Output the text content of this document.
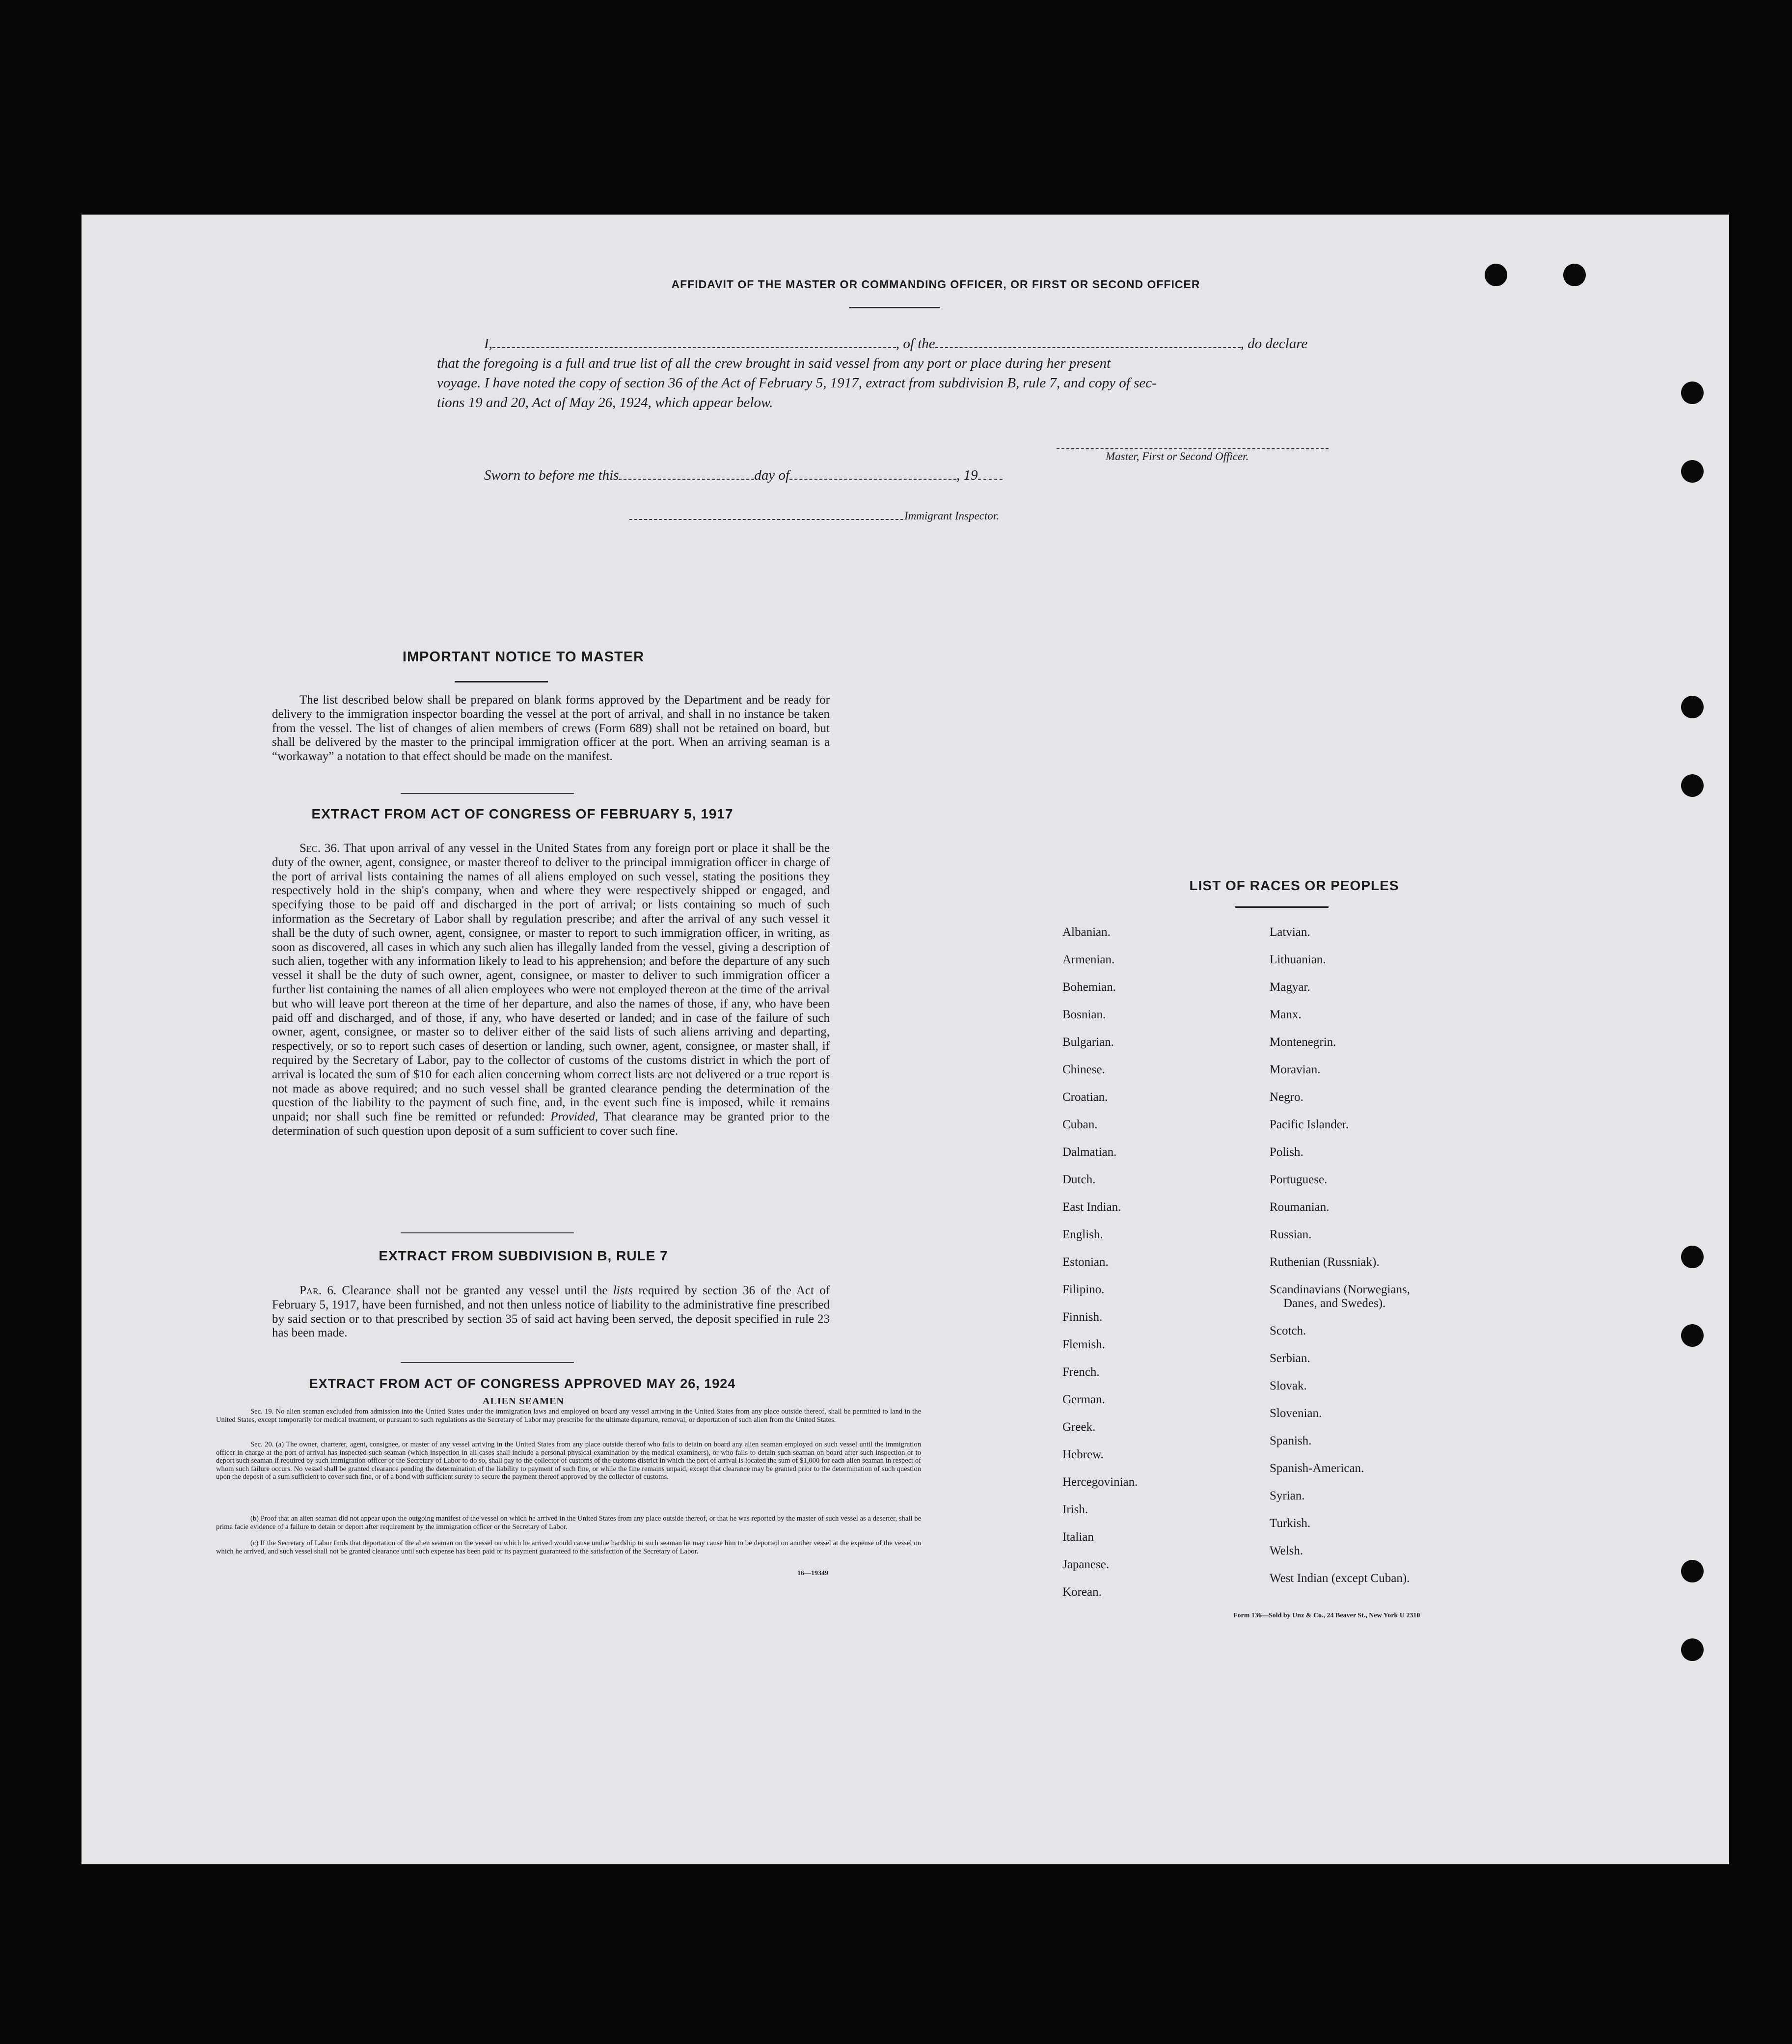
AFFIDAVIT OF THE MASTER OR COMMANDING OFFICER, OR FIRST OR SECOND OFFICER
I,	, of the	, do declare
that the foregoing is a full and true list of all the crew brought in said vessel from any port or place during her present
voyage. I have noted the copy of section 36 of the Act of February 5, 1917, extract from subdivision B, rule 7, and copy of sec-
tions 19 and 20, Act of May 26, 1924, which appear below.
Master, First or Second Officer.
Sworn to before me this	day of	, 19
Immigrant Inspector.
IMPORTANT NOTICE TO MASTER
The list described below shall be prepared on blank forms approved by the Department and be ready for delivery to the immigration inspector boarding the vessel at the port of arrival, and shall in no instance be taken from the vessel. The list of changes of alien members of crews (Form 689) shall not be retained on board, but shall be delivered by the master to the principal immigration officer at the port. When an arriving seaman is a “workaway” a notation to that effect should be made on the manifest.
EXTRACT FROM ACT OF CONGRESS OF FEBRUARY 5, 1917
Sec. 36. That upon arrival of any vessel in the United States from any foreign port or place it shall be the duty of the owner, agent, consignee, or master thereof to deliver to the principal immigration officer in charge of the port of arrival lists containing the names of all aliens employed on such vessel, stating the positions they respectively hold in the ship's company, when and where they were respectively shipped or engaged, and specifying those to be paid off and discharged in the port of arrival; or lists containing so much of such information as the Secretary of Labor shall by regulation prescribe; and after the arrival of any such vessel it shall be the duty of such owner, agent, consignee, or master to report to such immigration officer, in writing, as soon as discovered, all cases in which any such alien has illegally landed from the vessel, giving a description of such alien, together with any information likely to lead to his apprehension; and before the departure of any such vessel it shall be the duty of such owner, agent, consignee, or master to deliver to such immigration officer a further list containing the names of all alien employees who were not employed thereon at the time of the arrival but who will leave port thereon at the time of her departure, and also the names of those, if any, who have been paid off and discharged, and of those, if any, who have deserted or landed; and in case of the failure of such owner, agent, consignee, or master so to deliver either of the said lists of such aliens arriving and departing, respectively, or so to report such cases of desertion or landing, such owner, agent, consignee, or master shall, if required by the Secretary of Labor, pay to the collector of customs of the customs district in which the port of arrival is located the sum of $10 for each alien concerning whom correct lists are not delivered or a true report is not made as above required; and no such vessel shall be granted clearance pending the determination of the question of the liability to the payment of such fine, and, in the event such fine is imposed, while it remains unpaid; nor shall such fine be remitted or refunded: Provided, That clearance may be granted prior to the determination of such question upon deposit of a sum sufficient to cover such fine.
EXTRACT FROM SUBDIVISION B, RULE 7
Par. 6. Clearance shall not be granted any vessel until the lists required by section 36 of the Act of February 5, 1917, have been furnished, and not then unless notice of liability to the administrative fine prescribed by said section or to that prescribed by section 35 of said act having been served, the deposit specified in rule 23 has been made.
EXTRACT FROM ACT OF CONGRESS APPROVED MAY 26, 1924
ALIEN SEAMEN
Sec. 19. No alien seaman excluded from admission into the United States under the immigration laws and employed on board any vessel arriving in the United States from any place outside thereof, shall be permitted to land in the United States, except temporarily for medical treatment, or pursuant to such regulations as the Secretary of Labor may prescribe for the ultimate departure, removal, or deportation of such alien from the United States.
Sec. 20. (a) The owner, charterer, agent, consignee, or master of any vessel arriving in the United States from any place outside thereof who fails to detain on board any alien seaman employed on such vessel until the immigration officer in charge at the port of arrival has inspected such seaman (which inspection in all cases shall include a personal physical examination by the medical examiners), or who fails to detain such seaman on board after such inspection or to deport such seaman if required by such immigration officer or the Secretary of Labor to do so, shall pay to the collector of customs of the customs district in which the port of arrival is located the sum of $1,000 for each alien seaman in respect of whom such failure occurs. No vessel shall be granted clearance pending the determination of the liability to payment of such fine, or while the fine remains unpaid, except that clearance may be granted prior to the determination of such question upon the deposit of a sum sufficient to cover such fine, or of a bond with sufficient surety to secure the payment thereof approved by the collector of customs.
(b) Proof that an alien seaman did not appear upon the outgoing manifest of the vessel on which he arrived in the United States from any place outside thereof, or that he was reported by the master of such vessel as a deserter, shall be prima facie evidence of a failure to detain or deport after requirement by the immigration officer or the Secretary of Labor.
(c) If the Secretary of Labor finds that deportation of the alien seaman on the vessel on which he arrived would cause undue hardship to such seaman he may cause him to be deported on another vessel at the expense of the vessel on which he arrived, and such vessel shall not be granted clearance until such expense has been paid or its payment guaranteed to the satisfaction of the Secretary of Labor.
16—19349
LIST OF RACES OR PEOPLES
Albanian.
Armenian.
Bohemian.
Bosnian.
Bulgarian.
Chinese.
Croatian.
Cuban.
Dalmatian.
Dutch.
East Indian.
English.
Estonian.
Filipino.
Finnish.
Flemish.
French.
German.
Greek.
Hebrew.
Hercegovinian.
Irish.
Italian
Japanese.
Korean.
Latvian.
Lithuanian.
Magyar.
Manx.
Montenegrin.
Moravian.
Negro.
Pacific Islander.
Polish.
Portuguese.
Roumanian.
Russian.
Ruthenian (Russniak).
Scandinavians (Norwegians,
Danes, and Swedes).
Scotch.
Serbian.
Slovak.
Slovenian.
Spanish.
Spanish-American.
Syrian.
Turkish.
Welsh.
West Indian (except Cuban).
Form 136—Sold by Unz & Co., 24 Beaver St., New York U 2310
